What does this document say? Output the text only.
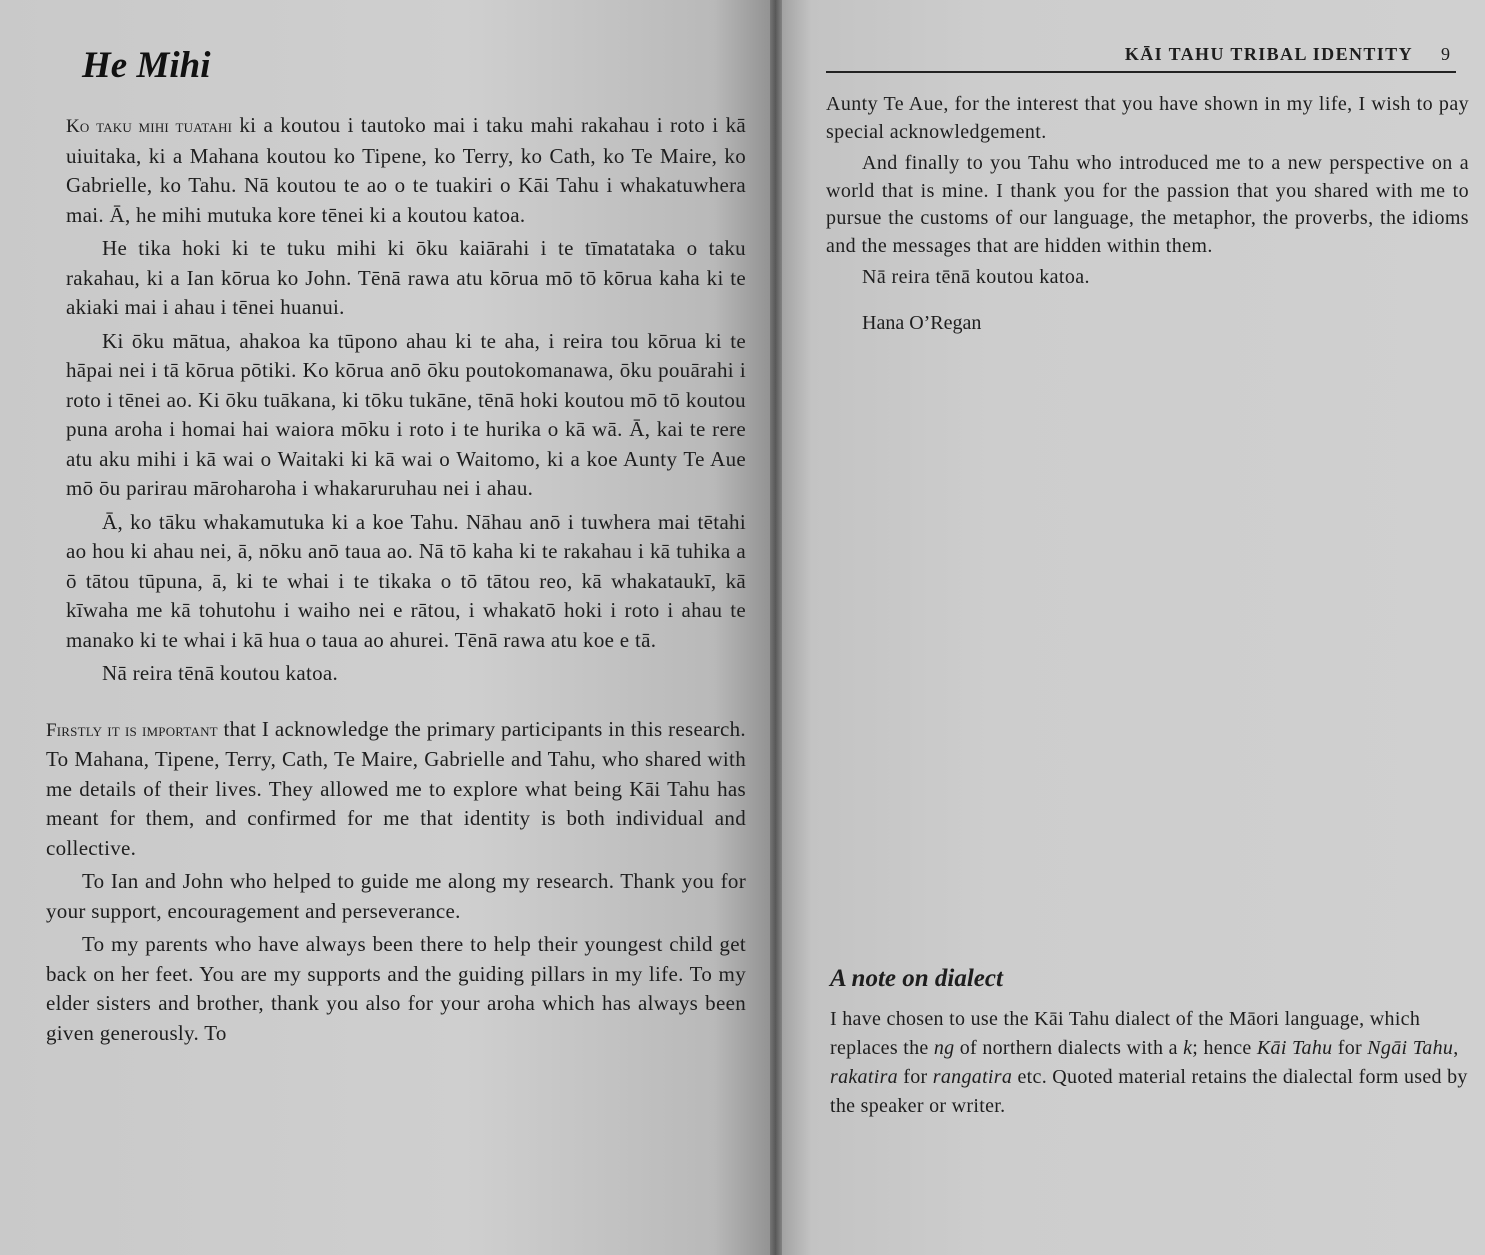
He Mihi

Ko taku mihi tuatahi ki a koutou i tautoko mai i taku mahi rakahau i roto i kā uiuitaka, ki a Mahana koutou ko Tipene, ko Terry, ko Cath, ko Te Maire, ko Gabrielle, ko Tahu. Nā koutou te ao o te tuakiri o Kāi Tahu i whakatuwhera mai. Ā, he mihi mutuka kore tēnei ki a koutou katoa.

He tika hoki ki te tuku mihi ki ōku kaiārahi i te tīmatataka o taku rakahau, ki a Ian kōrua ko John. Tēnā rawa atu kōrua mō tō kōrua kaha ki te akiaki mai i ahau i tēnei huanui.

Ki ōku mātua, ahakoa ka tūpono ahau ki te aha, i reira tou kōrua ki te hāpai nei i tā kōrua pōtiki. Ko kōrua anō ōku poutokomanawa, ōku pouārahi i roto i tēnei ao. Ki ōku tuākana, ki tōku tukāne, tēnā hoki koutou mō tō koutou puna aroha i homai hai waiora mōku i roto i te hurika o kā wā. Ā, kai te rere atu aku mihi i kā wai o Waitaki ki kā wai o Waitomo, ki a koe Aunty Te Aue mō ōu parirau māroharoha i whakaruruhau nei i ahau.

Ā, ko tāku whakamutuka ki a koe Tahu. Nāhau anō i tuwhera mai tētahi ao hou ki ahau nei, ā, nōku anō taua ao. Nā tō kaha ki te rakahau i kā tuhika a ō tātou tūpuna, ā, ki te whai i te tikaka o tō tātou reo, kā whakataukī, kā kīwaha me kā tohutohu i waiho nei e rātou, i whakatō hoki i roto i ahau te manako ki te whai i kā hua o taua ao ahurei. Tēnā rawa atu koe e tā.

Nā reira tēnā koutou katoa.

Firstly it is important that I acknowledge the primary participants in this research. To Mahana, Tipene, Terry, Cath, Te Maire, Gabrielle and Tahu, who shared with me details of their lives. They allowed me to explore what being Kāi Tahu has meant for them, and confirmed for me that identity is both individual and collective.

To Ian and John who helped to guide me along my research. Thank you for your support, encouragement and perseverance.

To my parents who have always been there to help their youngest child get back on her feet. You are my supports and the guiding pillars in my life. To my elder sisters and brother, thank you also for your aroha which has always been given generously. To

KĀI TAHU TRIBAL IDENTITY 9

Aunty Te Aue, for the interest that you have shown in my life, I wish to pay special acknowledgement.

And finally to you Tahu who introduced me to a new perspective on a world that is mine. I thank you for the passion that you shared with me to pursue the customs of our language, the metaphor, the proverbs, the idioms and the messages that are hidden within them.

Nā reira tēnā koutou katoa.

Hana O’Regan

A note on dialect

I have chosen to use the Kāi Tahu dialect of the Māori language, which replaces the ng of northern dialects with a k; hence Kāi Tahu for Ngāi Tahu, rakatira for rangatira etc. Quoted material retains the dialectal form used by the speaker or writer.
